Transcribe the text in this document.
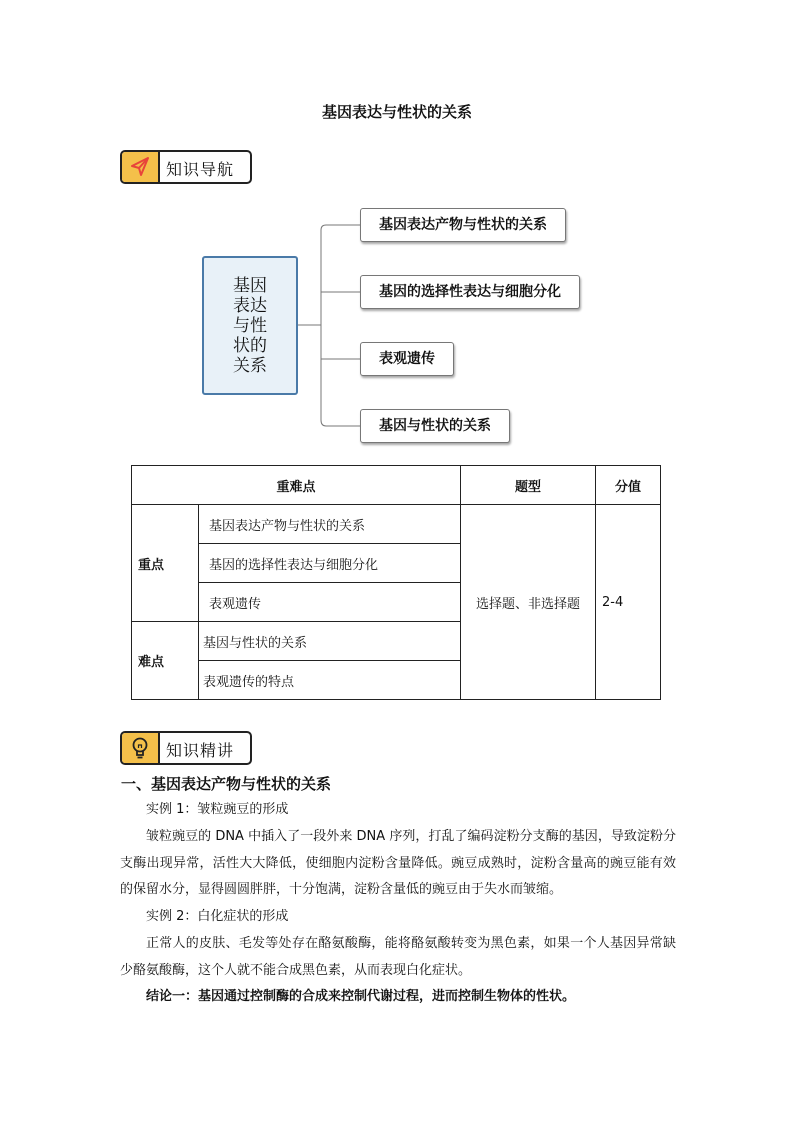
基因表达与性状的关系
知识导航
基因表达与性状的关系
基因表达产物与性状的关系
基因的选择性表达与细胞分化
表观遗传
基因与性状的关系
重难点		题型	分值
重点	基因表达产物与性状的关系	选择题、非选择题	2-4
	基因的选择性表达与细胞分化		
	表观遗传		
难点	基因与性状的关系		
	表观遗传的特点		
知识精讲
一、基因表达产物与性状的关系
实例 1：皱粒豌豆的形成
皱粒豌豆的 DNA 中插入了一段外来 DNA 序列，打乱了编码淀粉分支酶的基因，导致淀粉分支酶出现异常，活性大大降低，使细胞内淀粉含量降低。豌豆成熟时，淀粉含量高的豌豆能有效的保留水分，显得圆圆胖胖，十分饱满，淀粉含量低的豌豆由于失水而皱缩。
实例 2：白化症状的形成
正常人的皮肤、毛发等处存在酪氨酸酶，能将酪氨酸转变为黑色素，如果一个人基因异常缺少酪氨酸酶，这个人就不能合成黑色素，从而表现白化症状。
结论一：基因通过控制酶的合成来控制代谢过程，进而控制生物体的性状。
